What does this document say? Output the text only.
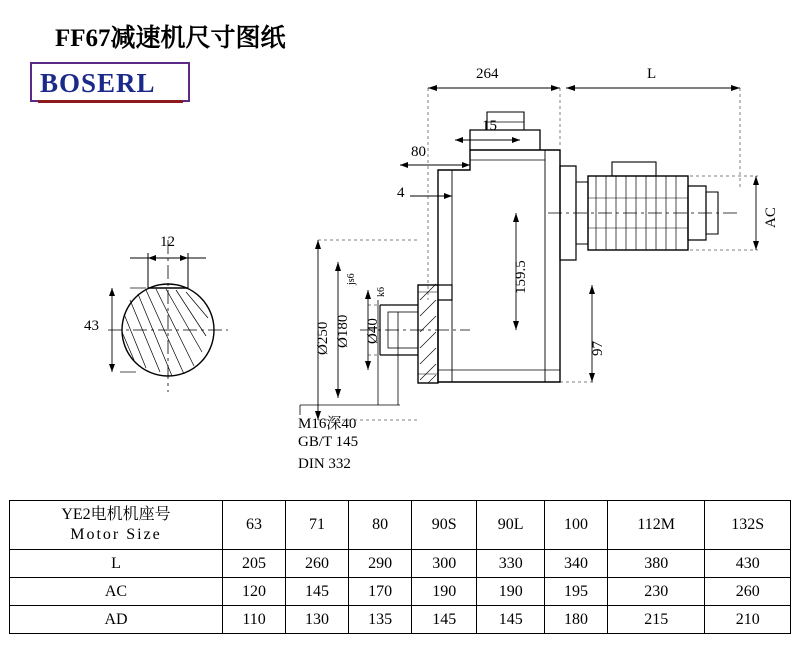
FF67减速机尺寸图纸
BOSERL
12
43
264	L
15
80
4
AC
159.5
97
Ø250 Ø180
js6
Ø40
k6
M16深40
GB/T 145
DIN 332
YE2电机机座号
Motor Size	63	71	80	90S	90L	100	112M	132S
L	205	260	290	300	330	340	380	430
AC	120	145	170	190	190	195	230	260
AD	110	130	135	145	145	180	215	210
